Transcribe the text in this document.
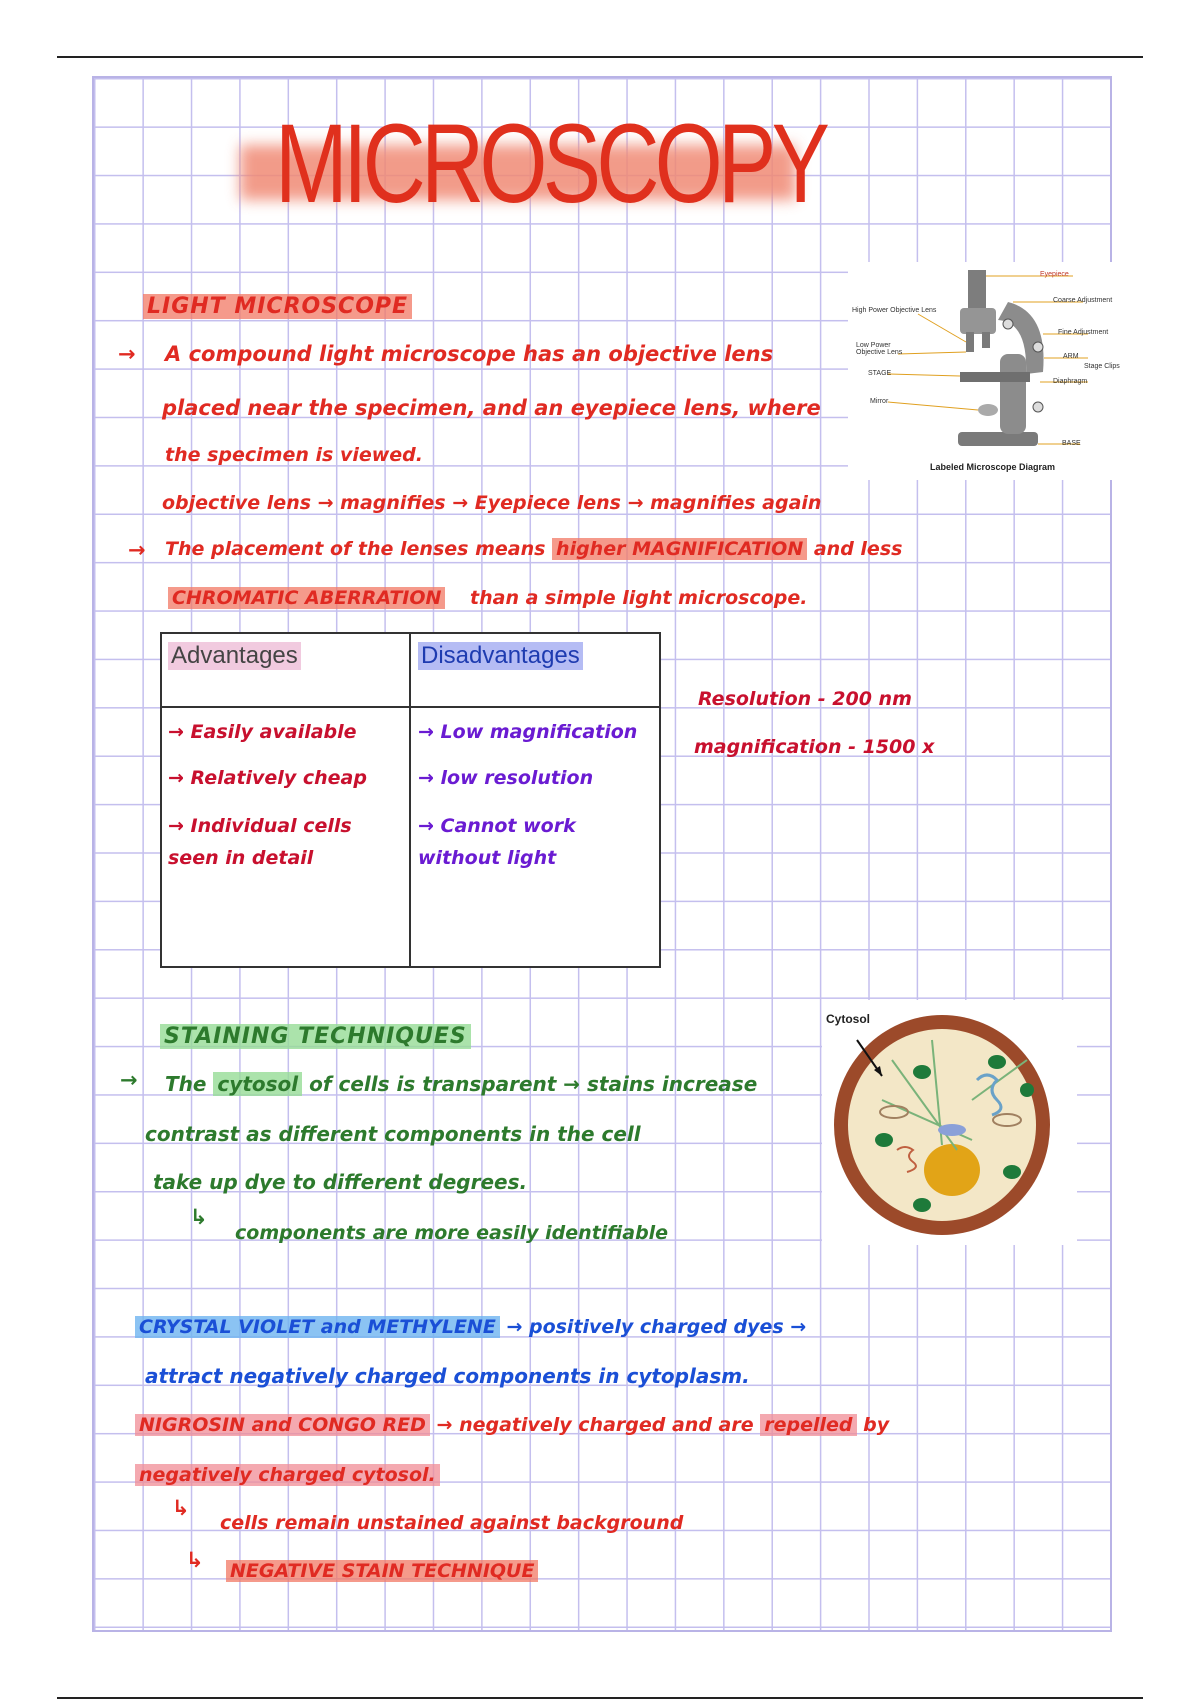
MICROSCOPY
LIGHT MICROSCOPE
→ A compound light microscope has an objective lens
placed near the specimen, and an eyepiece lens, where
the specimen is viewed.
objective lens → magnifies → Eyepiece lens → magnifies again
→ The placement of the lenses means higher MAGNIFICATION and less
CHROMATIC ABERRATION than a simple light microscope.
Eyepiece
Coarse Adjustment
High Power Objective Lens
Fine Adjustment
Low Power Objective Lens
ARM
Stage Clips
STAGE
Diaphragm
Mirror
BASE
Labeled Microscope Diagram
Advantages	Disadvantages
→ Easily available
→ Relatively cheap
→ Individual cells seen in detail
→ Low magnification
→ low resolution
→ Cannot work without light
Resolution - 200 nm
magnification - 1500 x
STAINING TECHNIQUES
→ The cytosol of cells is transparent → stains increase
contrast as different components in the cell
take up dye to different degrees.
↳
components are more easily identifiable
Cytosol
CRYSTAL VIOLET and METHYLENE → positively charged dyes →
attract negatively charged components in cytoplasm.
NIGROSIN and CONGO RED → negatively charged and are repelled by
negatively charged cytosol.
↳
cells remain unstained against background
↳ NEGATIVE STAIN TECHNIQUE
